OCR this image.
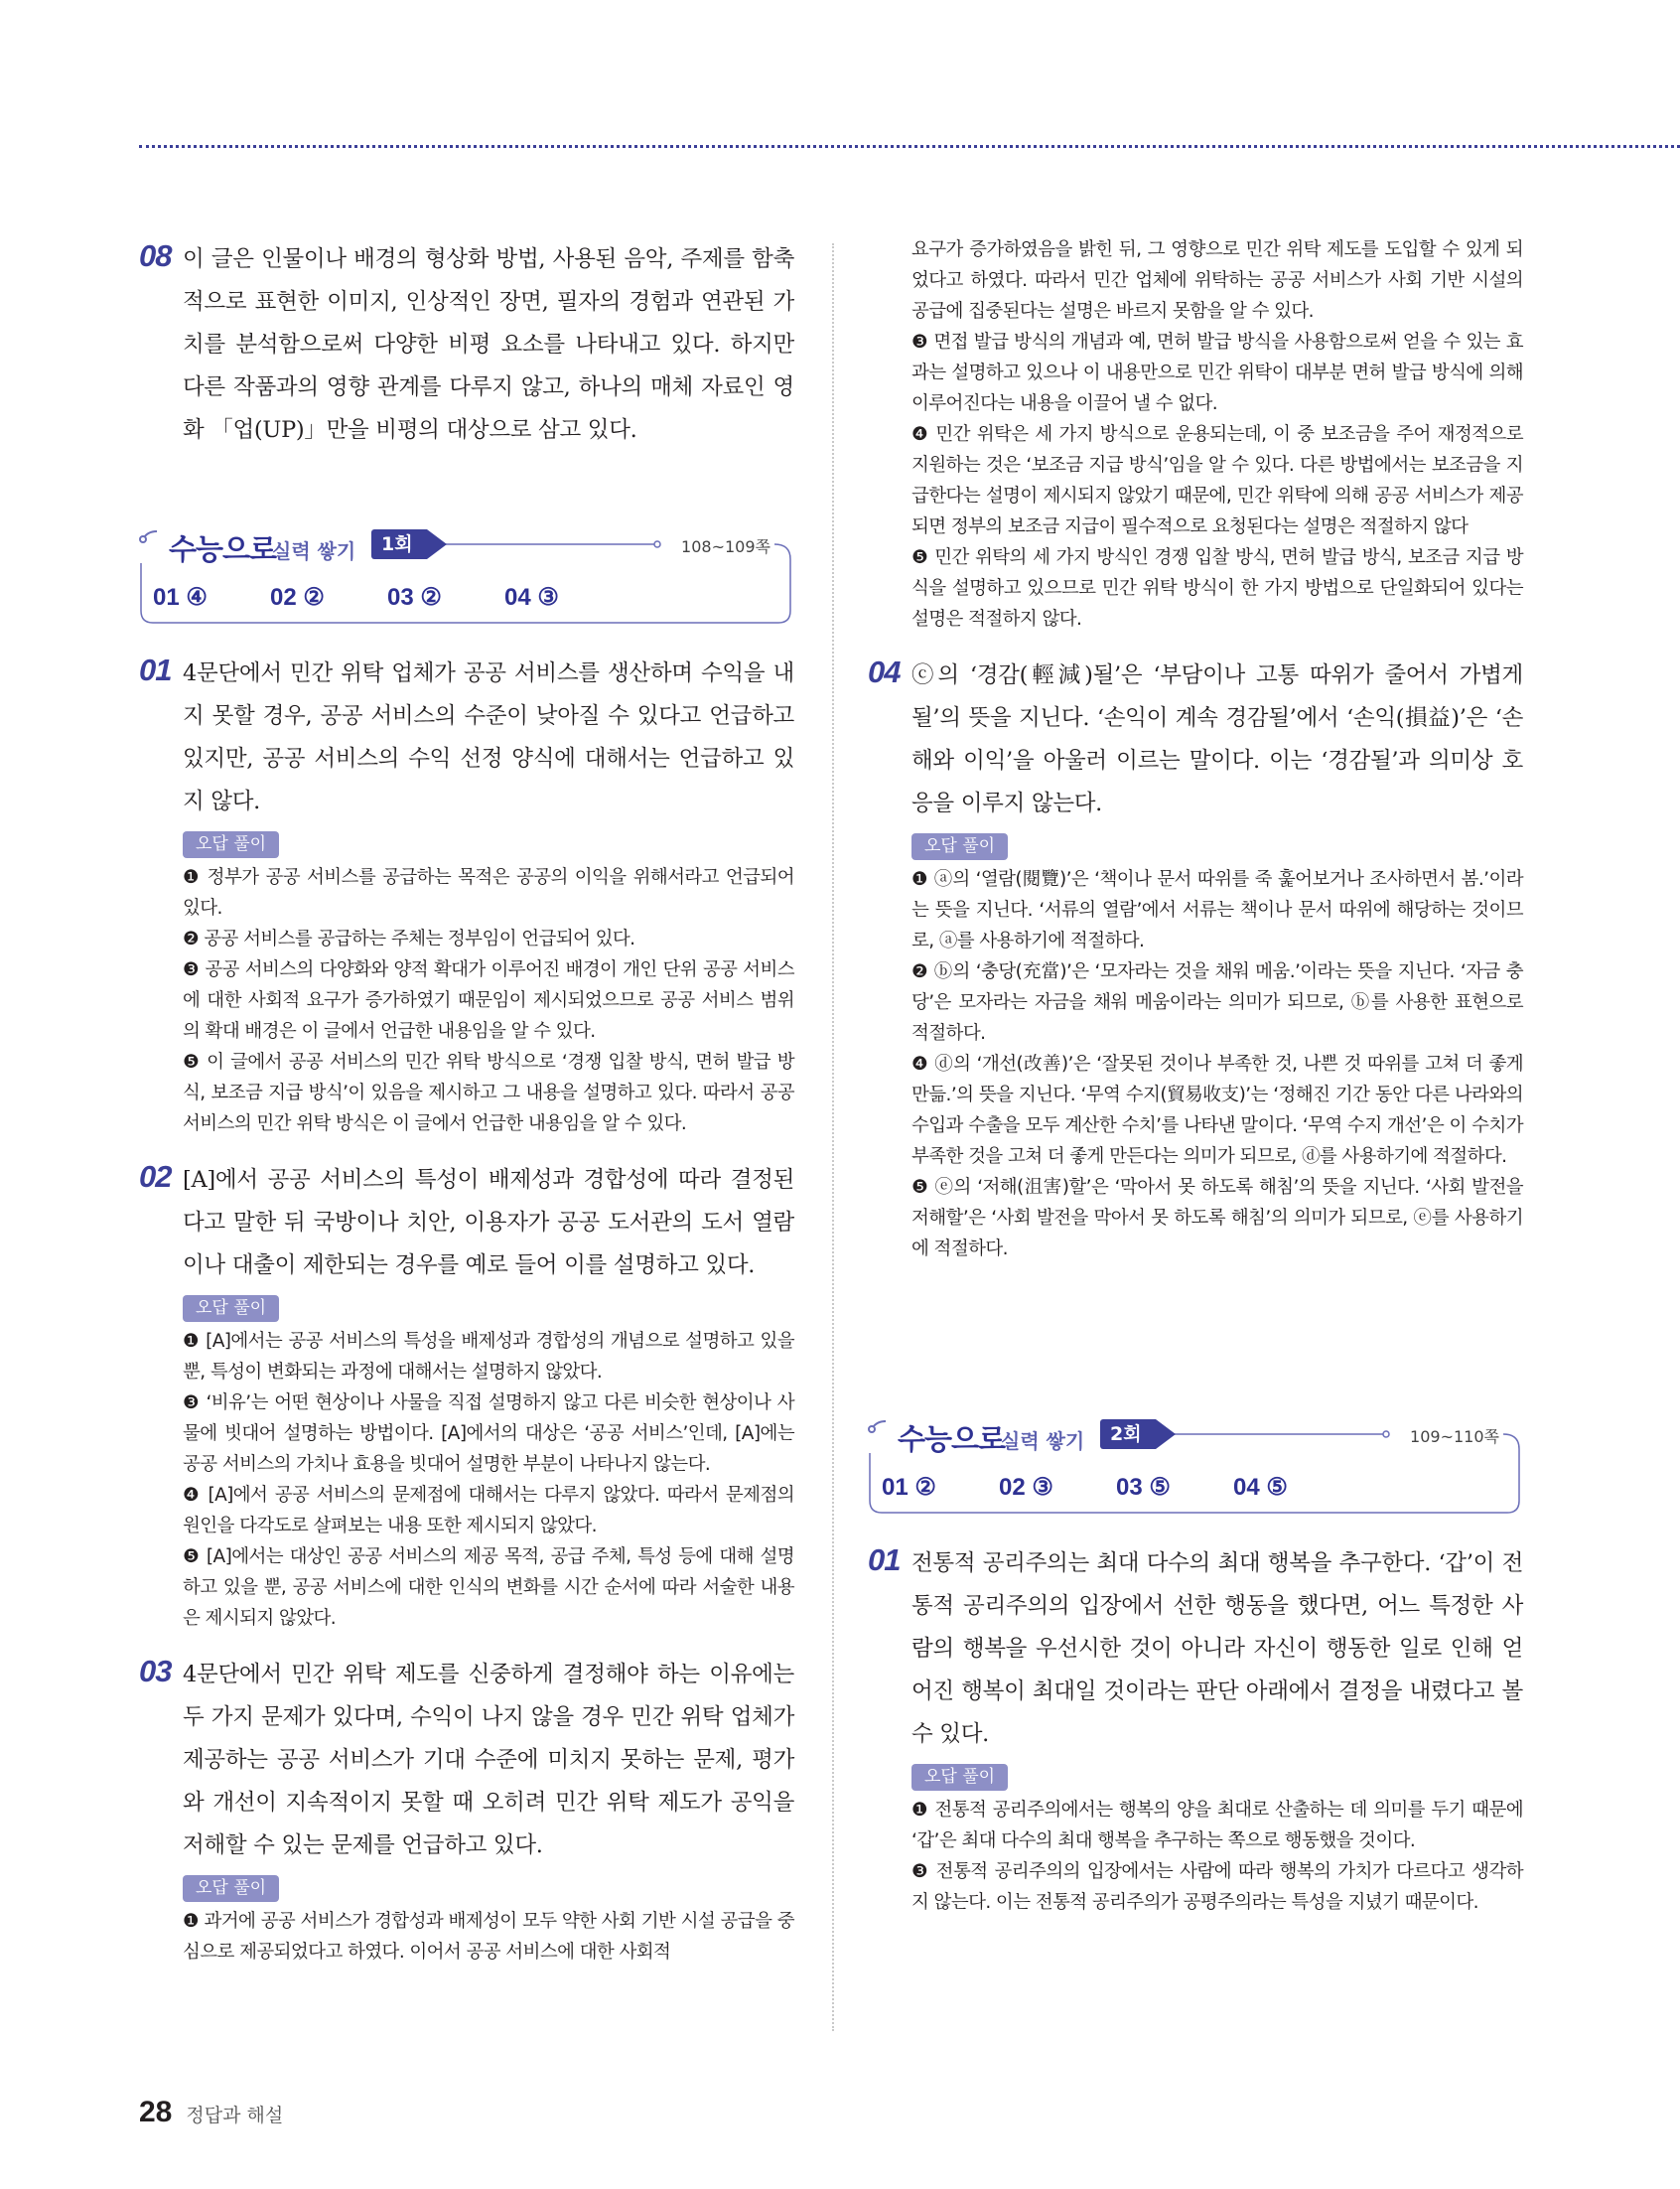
08 이 글은 인물이나 배경의 형상화 방법, 사용된 음악, 주제를 함축적으로 표현한 이미지, 인상적인 장면, 필자의 경험과 연관된 가치를 분석함으로써 다양한 비평 요소를 나타내고 있다. 하지만 다른 작품과의 영향 관계를 다루지 않고, 하나의 매체 자료인 영화 「업(UP)」만을 비평의 대상으로 삼고 있다.

수능으로
실력 쌓기	1회	108~109쪽
01 ④	02 ②	03 ②	04 ③
01 4문단에서 민간 위탁 업체가 공공 서비스를 생산하며 수익을 내지 못할 경우, 공공 서비스의 수준이 낮아질 수 있다고 언급하고 있지만, 공공 서비스의 수익 선정 양식에 대해서는 언급하고 있지 않다.

오답 풀이

❶ 정부가 공공 서비스를 공급하는 목적은 공공의 이익을 위해서라고 언급되어 있다.

❷ 공공 서비스를 공급하는 주체는 정부임이 언급되어 있다.

❸ 공공 서비스의 다양화와 양적 확대가 이루어진 배경이 개인 단위 공공 서비스에 대한 사회적 요구가 증가하였기 때문임이 제시되었으므로 공공 서비스 범위의 확대 배경은 이 글에서 언급한 내용임을 알 수 있다.

❺ 이 글에서 공공 서비스의 민간 위탁 방식으로 ‘경쟁 입찰 방식, 면허 발급 방식, 보조금 지급 방식’이 있음을 제시하고 그 내용을 설명하고 있다. 따라서 공공 서비스의 민간 위탁 방식은 이 글에서 언급한 내용임을 알 수 있다.

02 [A]에서 공공 서비스의 특성이 배제성과 경합성에 따라 결정된다고 말한 뒤 국방이나 치안, 이용자가 공공 도서관의 도서 열람이나 대출이 제한되는 경우를 예로 들어 이를 설명하고 있다.

오답 풀이

❶ [A]에서는 공공 서비스의 특성을 배제성과 경합성의 개념으로 설명하고 있을 뿐, 특성이 변화되는 과정에 대해서는 설명하지 않았다.

❸ ‘비유’는 어떤 현상이나 사물을 직접 설명하지 않고 다른 비슷한 현상이나 사물에 빗대어 설명하는 방법이다. [A]에서의 대상은 ‘공공 서비스’인데, [A]에는 공공 서비스의 가치나 효용을 빗대어 설명한 부분이 나타나지 않는다.

❹ [A]에서 공공 서비스의 문제점에 대해서는 다루지 않았다. 따라서 문제점의 원인을 다각도로 살펴보는 내용 또한 제시되지 않았다.

❺ [A]에서는 대상인 공공 서비스의 제공 목적, 공급 주체, 특성 등에 대해 설명하고 있을 뿐, 공공 서비스에 대한 인식의 변화를 시간 순서에 따라 서술한 내용은 제시되지 않았다.

03 4문단에서 민간 위탁 제도를 신중하게 결정해야 하는 이유에는 두 가지 문제가 있다며, 수익이 나지 않을 경우 민간 위탁 업체가 제공하는 공공 서비스가 기대 수준에 미치지 못하는 문제, 평가와 개선이 지속적이지 못할 때 오히려 민간 위탁 제도가 공익을 저해할 수 있는 문제를 언급하고 있다.

오답 풀이

❶ 과거에 공공 서비스가 경합성과 배제성이 모두 약한 사회 기반 시설 공급을 중심으로 제공되었다고 하였다. 이어서 공공 서비스에 대한 사회적

요구가 증가하였음을 밝힌 뒤, 그 영향으로 민간 위탁 제도를 도입할 수 있게 되었다고 하였다. 따라서 민간 업체에 위탁하는 공공 서비스가 사회 기반 시설의 공급에 집중된다는 설명은 바르지 못함을 알 수 있다.

❸ 면접 발급 방식의 개념과 예, 면허 발급 방식을 사용함으로써 얻을 수 있는 효과는 설명하고 있으나 이 내용만으로 민간 위탁이 대부분 면허 발급 방식에 의해 이루어진다는 내용을 이끌어 낼 수 없다.

❹ 민간 위탁은 세 가지 방식으로 운용되는데, 이 중 보조금을 주어 재정적으로 지원하는 것은 ‘보조금 지급 방식’임을 알 수 있다. 다른 방법에서는 보조금을 지급한다는 설명이 제시되지 않았기 때문에, 민간 위탁에 의해 공공 서비스가 제공되면 정부의 보조금 지급이 필수적으로 요청된다는 설명은 적절하지 않다

❺ 민간 위탁의 세 가지 방식인 경쟁 입찰 방식, 면허 발급 방식, 보조금 지급 방식을 설명하고 있으므로 민간 위탁 방식이 한 가지 방법으로 단일화되어 있다는 설명은 적절하지 않다.

04 ⓒ의 ‘경감(輕減)될’은 ‘부담이나 고통 따위가 줄어서 가볍게 될’의 뜻을 지닌다. ‘손익이 계속 경감될’에서 ‘손익(損益)’은 ‘손해와 이익’을 아울러 이르는 말이다. 이는 ‘경감될’과 의미상 호응을 이루지 않는다.

오답 풀이

❶ ⓐ의 ‘열람(閱覽)’은 ‘책이나 문서 따위를 죽 훑어보거나 조사하면서 봄.’이라는 뜻을 지닌다. ‘서류의 열람’에서 서류는 책이나 문서 따위에 해당하는 것이므로, ⓐ를 사용하기에 적절하다.

❷ ⓑ의 ‘충당(充當)’은 ‘모자라는 것을 채워 메움.’이라는 뜻을 지닌다. ‘자금 충당’은 모자라는 자금을 채워 메움이라는 의미가 되므로, ⓑ를 사용한 표현으로 적절하다.

❹ ⓓ의 ‘개선(改善)’은 ‘잘못된 것이나 부족한 것, 나쁜 것 따위를 고쳐 더 좋게 만듦.’의 뜻을 지닌다. ‘무역 수지(貿易收支)’는 ‘정해진 기간 동안 다른 나라와의 수입과 수출을 모두 계산한 수치’를 나타낸 말이다. ‘무역 수지 개선’은 이 수치가 부족한 것을 고쳐 더 좋게 만든다는 의미가 되므로, ⓓ를 사용하기에 적절하다.

❺ ⓔ의 ‘저해(沮害)할’은 ‘막아서 못 하도록 해침’의 뜻을 지닌다. ‘사회 발전을 저해할’은 ‘사회 발전을 막아서 못 하도록 해침’의 의미가 되므로, ⓔ를 사용하기에 적절하다.

수능으로
실력 쌓기	2회	109~110쪽
01 ②	02 ③	03 ⑤	04 ⑤
01 전통적 공리주의는 최대 다수의 최대 행복을 추구한다. ‘갑’이 전통적 공리주의의 입장에서 선한 행동을 했다면, 어느 특정한 사람의 행복을 우선시한 것이 아니라 자신이 행동한 일로 인해 얻어진 행복이 최대일 것이라는 판단 아래에서 결정을 내렸다고 볼 수 있다.

오답 풀이

❶ 전통적 공리주의에서는 행복의 양을 최대로 산출하는 데 의미를 두기 때문에 ‘갑’은 최대 다수의 최대 행복을 추구하는 쪽으로 행동했을 것이다.

❸ 전통적 공리주의의 입장에서는 사람에 따라 행복의 가치가 다르다고 생각하지 않는다. 이는 전통적 공리주의가 공평주의라는 특성을 지녔기 때문이다.

28 정답과 해설
